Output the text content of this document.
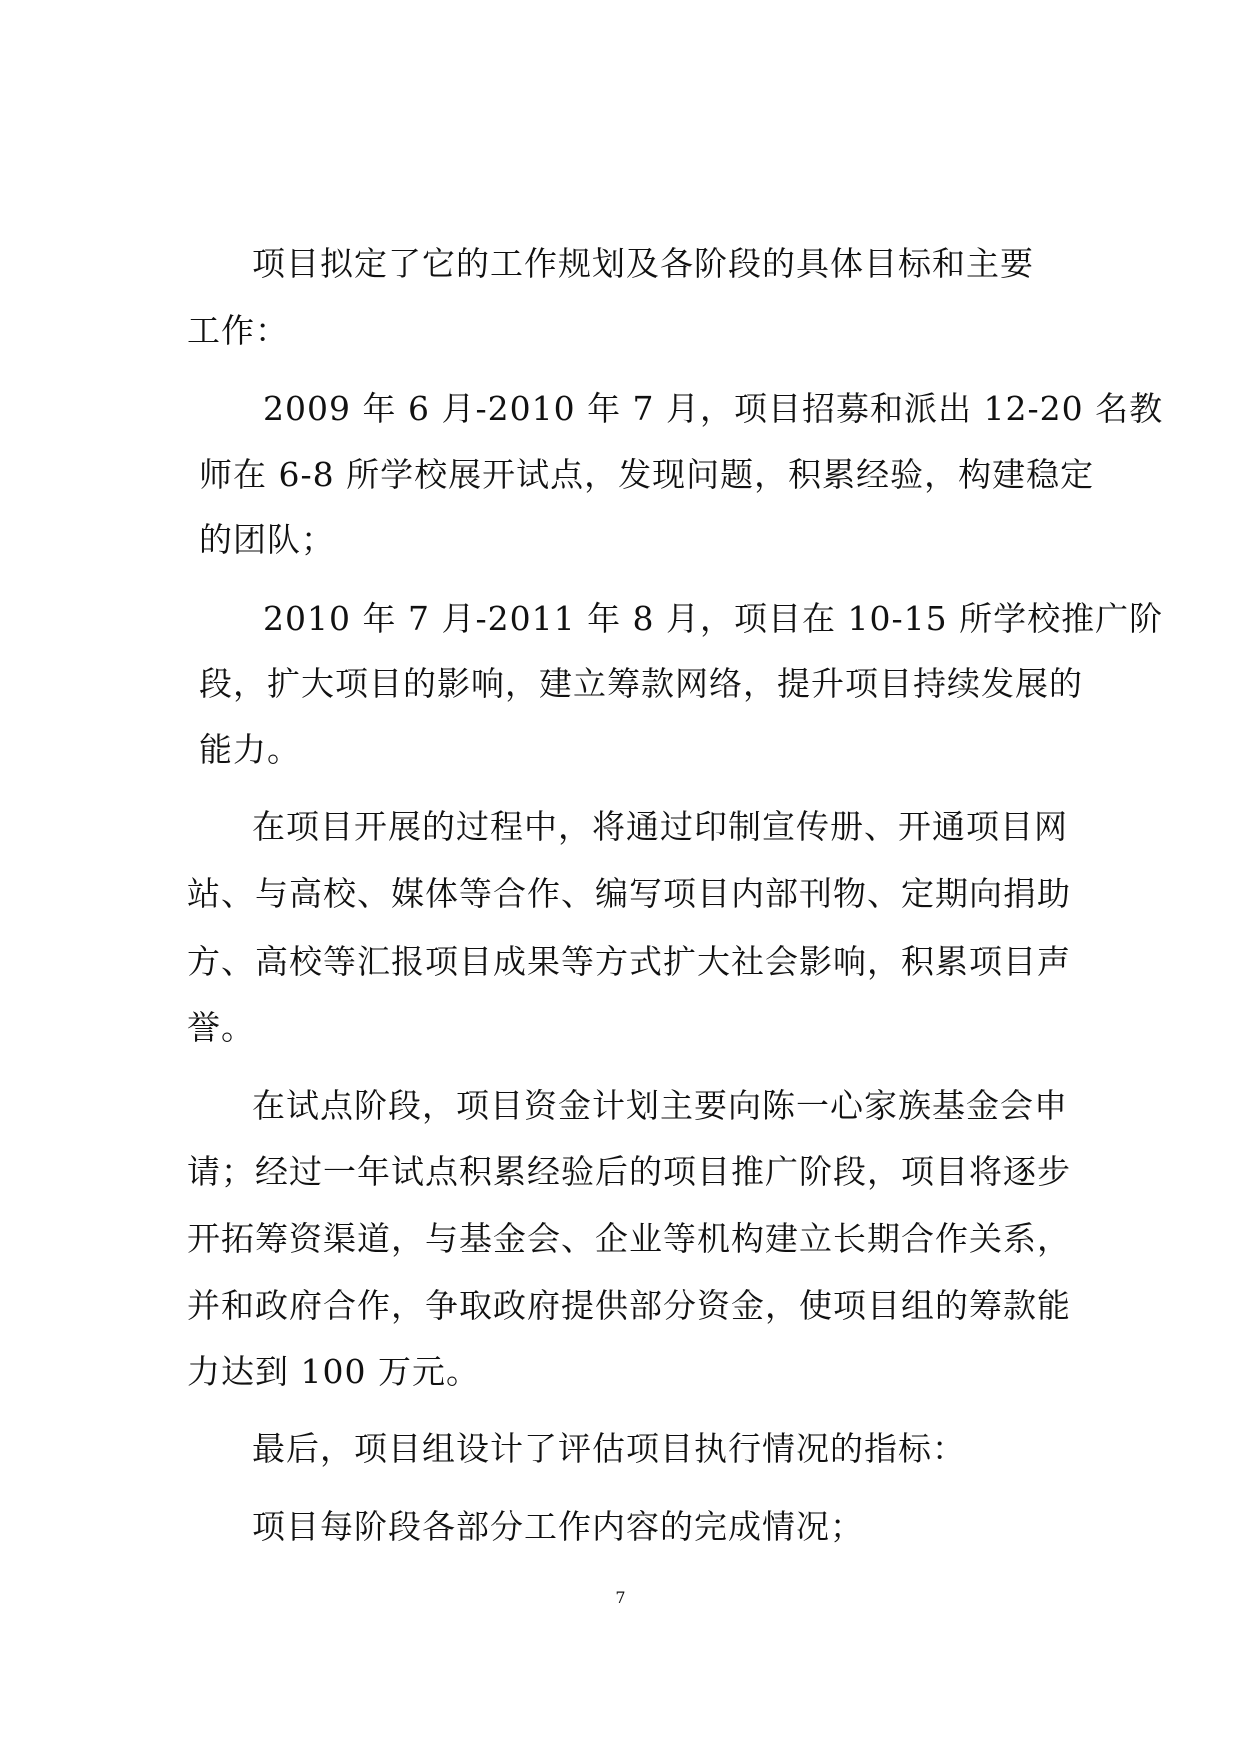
项目拟定了它的工作规划及各阶段的具体目标和主要
工作：
2009 年 6 月-2010 年 7 月，项目招募和派出 12-20 名教
师在 6-8 所学校展开试点，发现问题，积累经验，构建稳定
的团队；
2010 年 7 月-2011 年 8 月，项目在 10-15 所学校推广阶
段，扩大项目的影响，建立筹款网络，提升项目持续发展的
能力。
在项目开展的过程中，将通过印制宣传册、开通项目网
站、与高校、媒体等合作、编写项目内部刊物、定期向捐助
方、高校等汇报项目成果等方式扩大社会影响，积累项目声
誉。
在试点阶段，项目资金计划主要向陈一心家族基金会申
请；经过一年试点积累经验后的项目推广阶段，项目将逐步
开拓筹资渠道，与基金会、企业等机构建立长期合作关系，
并和政府合作，争取政府提供部分资金，使项目组的筹款能
力达到 100 万元。
最后，项目组设计了评估项目执行情况的指标：
项目每阶段各部分工作内容的完成情况；
7
